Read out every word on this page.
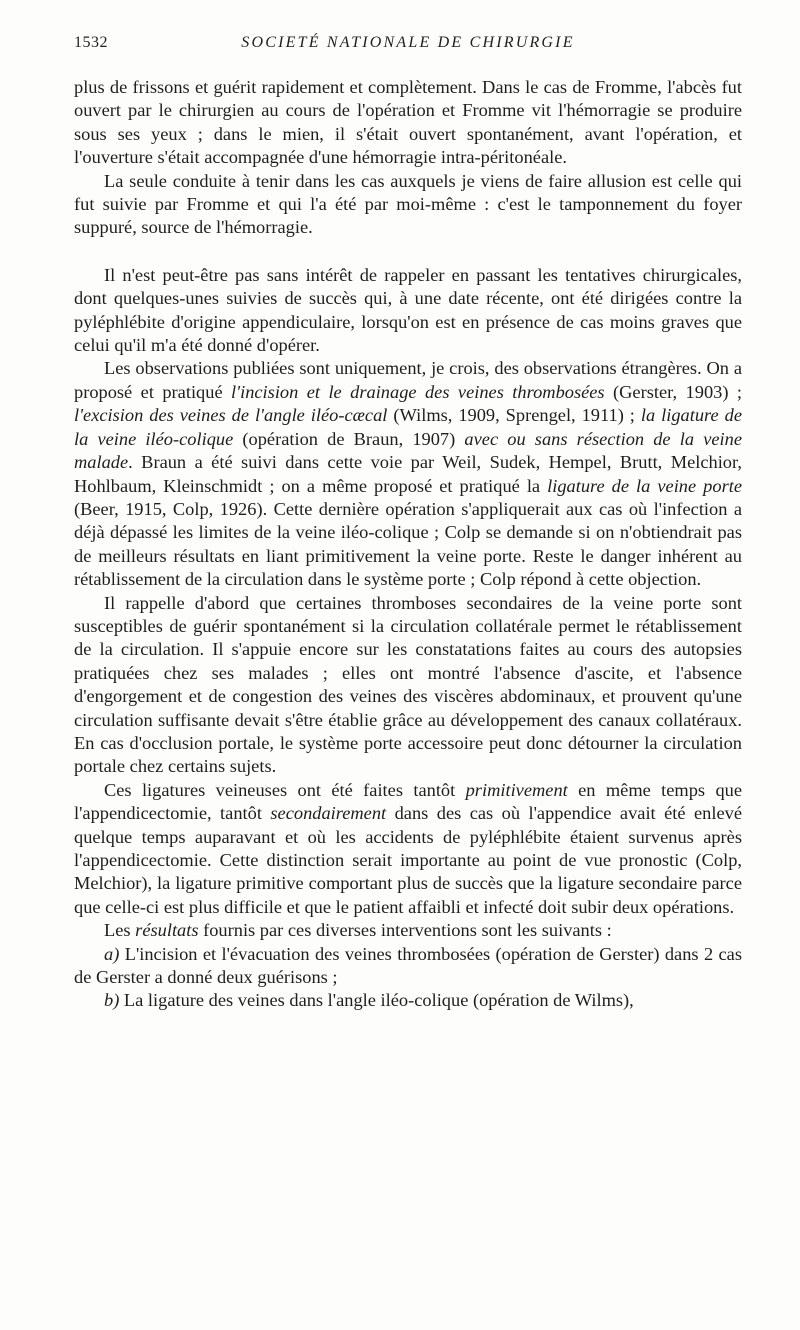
1532	SOCIETÉ NATIONALE DE CHIRURGIE

plus de frissons et guérit rapidement et complètement. Dans le cas de Fromme, l'abcès fut ouvert par le chirurgien au cours de l'opération et Fromme vit l'hémorragie se produire sous ses yeux ; dans le mien, il s'était ouvert spontanément, avant l'opération, et l'ouverture s'était accompagnée d'une hémorragie intra-péritonéale.

La seule conduite à tenir dans les cas auxquels je viens de faire allusion est celle qui fut suivie par Fromme et qui l'a été par moi-même : c'est le tamponnement du foyer suppuré, source de l'hémorragie.

Il n'est peut-être pas sans intérêt de rappeler en passant les tentatives chirurgicales, dont quelques-unes suivies de succès qui, à une date récente, ont été dirigées contre la pyléphlébite d'origine appendiculaire, lorsqu'on est en présence de cas moins graves que celui qu'il m'a été donné d'opérer.

Les observations publiées sont uniquement, je crois, des observations étrangères. On a proposé et pratiqué l'incision et le drainage des veines thrombosées (Gerster, 1903) ; l'excision des veines de l'angle iléo-cæcal (Wilms, 1909, Sprengel, 1911) ; la ligature de la veine iléo-colique (opération de Braun, 1907) avec ou sans résection de la veine malade. Braun a été suivi dans cette voie par Weil, Sudek, Hempel, Brutt, Melchior, Hohlbaum, Kleinschmidt ; on a même proposé et pratiqué la ligature de la veine porte (Beer, 1915, Colp, 1926). Cette dernière opération s'appliquerait aux cas où l'infection a déjà dépassé les limites de la veine iléo-colique ; Colp se demande si on n'obtiendrait pas de meilleurs résultats en liant primitivement la veine porte. Reste le danger inhérent au rétablissement de la circulation dans le système porte ; Colp répond à cette objection.

Il rappelle d'abord que certaines thromboses secondaires de la veine porte sont susceptibles de guérir spontanément si la circulation collatérale permet le rétablissement de la circulation. Il s'appuie encore sur les constatations faites au cours des autopsies pratiquées chez ses malades ; elles ont montré l'absence d'ascite, et l'absence d'engorgement et de congestion des veines des viscères abdominaux, et prouvent qu'une circulation suffisante devait s'être établie grâce au développement des canaux collatéraux. En cas d'occlusion portale, le système porte accessoire peut donc détourner la circulation portale chez certains sujets.

Ces ligatures veineuses ont été faites tantôt primitivement en même temps que l'appendicectomie, tantôt secondairement dans des cas où l'appendice avait été enlevé quelque temps auparavant et où les accidents de pyléphlébite étaient survenus après l'appendicectomie. Cette distinction serait importante au point de vue pronostic (Colp, Melchior), la ligature primitive comportant plus de succès que la ligature secondaire parce que celle-ci est plus difficile et que le patient affaibli et infecté doit subir deux opérations.

Les résultats fournis par ces diverses interventions sont les suivants :

a) L'incision et l'évacuation des veines thrombosées (opération de Gerster) dans 2 cas de Gerster a donné deux guérisons ;

b) La ligature des veines dans l'angle iléo-colique (opération de Wilms),
